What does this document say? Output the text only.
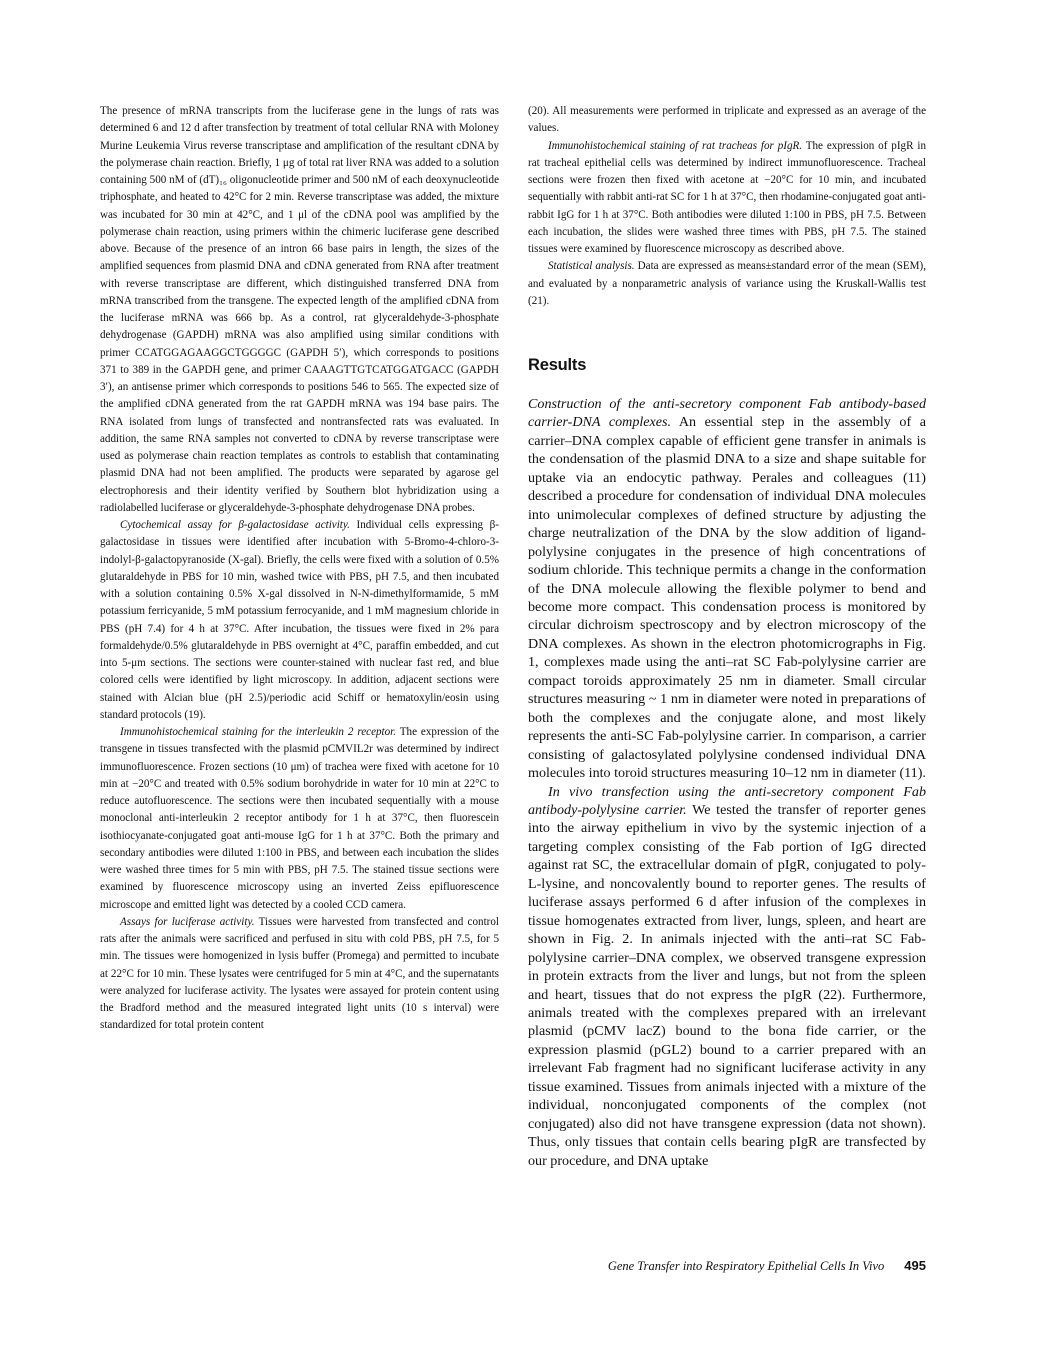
The presence of mRNA transcripts from the luciferase gene in the lungs of rats was determined 6 and 12 d after transfection by treatment of total cellular RNA with Moloney Murine Leukemia Virus reverse transcriptase and amplification of the resultant cDNA by the polymerase chain reaction. Briefly, 1 μg of total rat liver RNA was added to a solution containing 500 nM of (dT)₁₆ oligonucleotide primer and 500 nM of each deoxynucleotide triphosphate, and heated to 42°C for 2 min. Reverse transcriptase was added, the mixture was incubated for 30 min at 42°C, and 1 μl of the cDNA pool was amplified by the polymerase chain reaction, using primers within the chimeric luciferase gene described above. Because of the presence of an intron 66 base pairs in length, the sizes of the amplified sequences from plasmid DNA and cDNA generated from RNA after treatment with reverse transcriptase are different, which distinguished transferred DNA from mRNA transcribed from the transgene. The expected length of the amplified cDNA from the luciferase mRNA was 666 bp. As a control, rat glyceraldehyde-3-phosphate dehydrogenase (GAPDH) mRNA was also amplified using similar conditions with primer CCATGGAGAAGGCTGGGGC (GAPDH 5′), which corresponds to positions 371 to 389 in the GAPDH gene, and primer CAAAGTTGTCATGGATGACC (GAPDH 3′), an antisense primer which corresponds to positions 546 to 565. The expected size of the amplified cDNA generated from the rat GAPDH mRNA was 194 base pairs. The RNA isolated from lungs of transfected and nontransfected rats was evaluated. In addition, the same RNA samples not converted to cDNA by reverse transcriptase were used as polymerase chain reaction templates as controls to establish that contaminating plasmid DNA had not been amplified. The products were separated by agarose gel electrophoresis and their identity verified by Southern blot hybridization using a radiolabelled luciferase or glyceraldehyde-3-phosphate dehydrogenase DNA probes.

Cytochemical assay for β-galactosidase activity. Individual cells expressing β-galactosidase in tissues were identified after incubation with 5-Bromo-4-chloro-3-indolyl-β-galactopyranoside (X-gal). Briefly, the cells were fixed with a solution of 0.5% glutaraldehyde in PBS for 10 min, washed twice with PBS, pH 7.5, and then incubated with a solution containing 0.5% X-gal dissolved in N-N-dimethylformamide, 5 mM potassium ferricyanide, 5 mM potassium ferrocyanide, and 1 mM magnesium chloride in PBS (pH 7.4) for 4 h at 37°C. After incubation, the tissues were fixed in 2% para formaldehyde/0.5% glutaraldehyde in PBS overnight at 4°C, paraffin embedded, and cut into 5-μm sections. The sections were counter-stained with nuclear fast red, and blue colored cells were identified by light microscopy. In addition, adjacent sections were stained with Alcian blue (pH 2.5)/periodic acid Schiff or hematoxylin/eosin using standard protocols (19).

Immunohistochemical staining for the interleukin 2 receptor. The expression of the transgene in tissues transfected with the plasmid pCMVIL2r was determined by indirect immunofluorescence. Frozen sections (10 μm) of trachea were fixed with acetone for 10 min at −20°C and treated with 0.5% sodium borohydride in water for 10 min at 22°C to reduce autofluorescence. The sections were then incubated sequentially with a mouse monoclonal anti-interleukin 2 receptor antibody for 1 h at 37°C, then fluorescein isothiocyanate-conjugated goat anti-mouse IgG for 1 h at 37°C. Both the primary and secondary antibodies were diluted 1:100 in PBS, and between each incubation the slides were washed three times for 5 min with PBS, pH 7.5. The stained tissue sections were examined by fluorescence microscopy using an inverted Zeiss epifluorescence microscope and emitted light was detected by a cooled CCD camera.

Assays for luciferase activity. Tissues were harvested from transfected and control rats after the animals were sacrificed and perfused in situ with cold PBS, pH 7.5, for 5 min. The tissues were homogenized in lysis buffer (Promega) and permitted to incubate at 22°C for 10 min. These lysates were centrifuged for 5 min at 4°C, and the supernatants were analyzed for luciferase activity. The lysates were assayed for protein content using the Bradford method and the measured integrated light units (10 s interval) were standardized for total protein content

(20). All measurements were performed in triplicate and expressed as an average of the values.

Immunohistochemical staining of rat tracheas for pIgR. The expression of pIgR in rat tracheal epithelial cells was determined by indirect immunofluorescence. Tracheal sections were frozen then fixed with acetone at −20°C for 10 min, and incubated sequentially with rabbit anti-rat SC for 1 h at 37°C, then rhodamine-conjugated goat anti-rabbit IgG for 1 h at 37°C. Both antibodies were diluted 1:100 in PBS, pH 7.5. Between each incubation, the slides were washed three times with PBS, pH 7.5. The stained tissues were examined by fluorescence microscopy as described above.

Statistical analysis. Data are expressed as means±standard error of the mean (SEM), and evaluated by a nonparametric analysis of variance using the Kruskall-Wallis test (21).

Results

Construction of the anti-secretory component Fab antibody-based carrier-DNA complexes. An essential step in the assembly of a carrier–DNA complex capable of efficient gene transfer in animals is the condensation of the plasmid DNA to a size and shape suitable for uptake via an endocytic pathway. Perales and colleagues (11) described a procedure for condensation of individual DNA molecules into unimolecular complexes of defined structure by adjusting the charge neutralization of the DNA by the slow addition of ligand-polylysine conjugates in the presence of high concentrations of sodium chloride. This technique permits a change in the conformation of the DNA molecule allowing the flexible polymer to bend and become more compact. This condensation process is monitored by circular dichroism spectroscopy and by electron microscopy of the DNA complexes. As shown in the electron photomicrographs in Fig. 1, complexes made using the anti–rat SC Fab-polylysine carrier are compact toroids approximately 25 nm in diameter. Small circular structures measuring ~ 1 nm in diameter were noted in preparations of both the complexes and the conjugate alone, and most likely represents the anti-SC Fab-polylysine carrier. In comparison, a carrier consisting of galactosylated polylysine condensed individual DNA molecules into toroid structures measuring 10–12 nm in diameter (11).

In vivo transfection using the anti-secretory component Fab antibody-polylysine carrier. We tested the transfer of reporter genes into the airway epithelium in vivo by the systemic injection of a targeting complex consisting of the Fab portion of IgG directed against rat SC, the extracellular domain of pIgR, conjugated to poly-L-lysine, and noncovalently bound to reporter genes. The results of luciferase assays performed 6 d after infusion of the complexes in tissue homogenates extracted from liver, lungs, spleen, and heart are shown in Fig. 2. In animals injected with the anti–rat SC Fab-polylysine carrier–DNA complex, we observed transgene expression in protein extracts from the liver and lungs, but not from the spleen and heart, tissues that do not express the pIgR (22). Furthermore, animals treated with the complexes prepared with an irrelevant plasmid (pCMV lacZ) bound to the bona fide carrier, or the expression plasmid (pGL2) bound to a carrier prepared with an irrelevant Fab fragment had no significant luciferase activity in any tissue examined. Tissues from animals injected with a mixture of the individual, nonconjugated components of the complex (not conjugated) also did not have transgene expression (data not shown). Thus, only tissues that contain cells bearing pIgR are transfected by our procedure, and DNA uptake

Gene Transfer into Respiratory Epithelial Cells In Vivo 495
